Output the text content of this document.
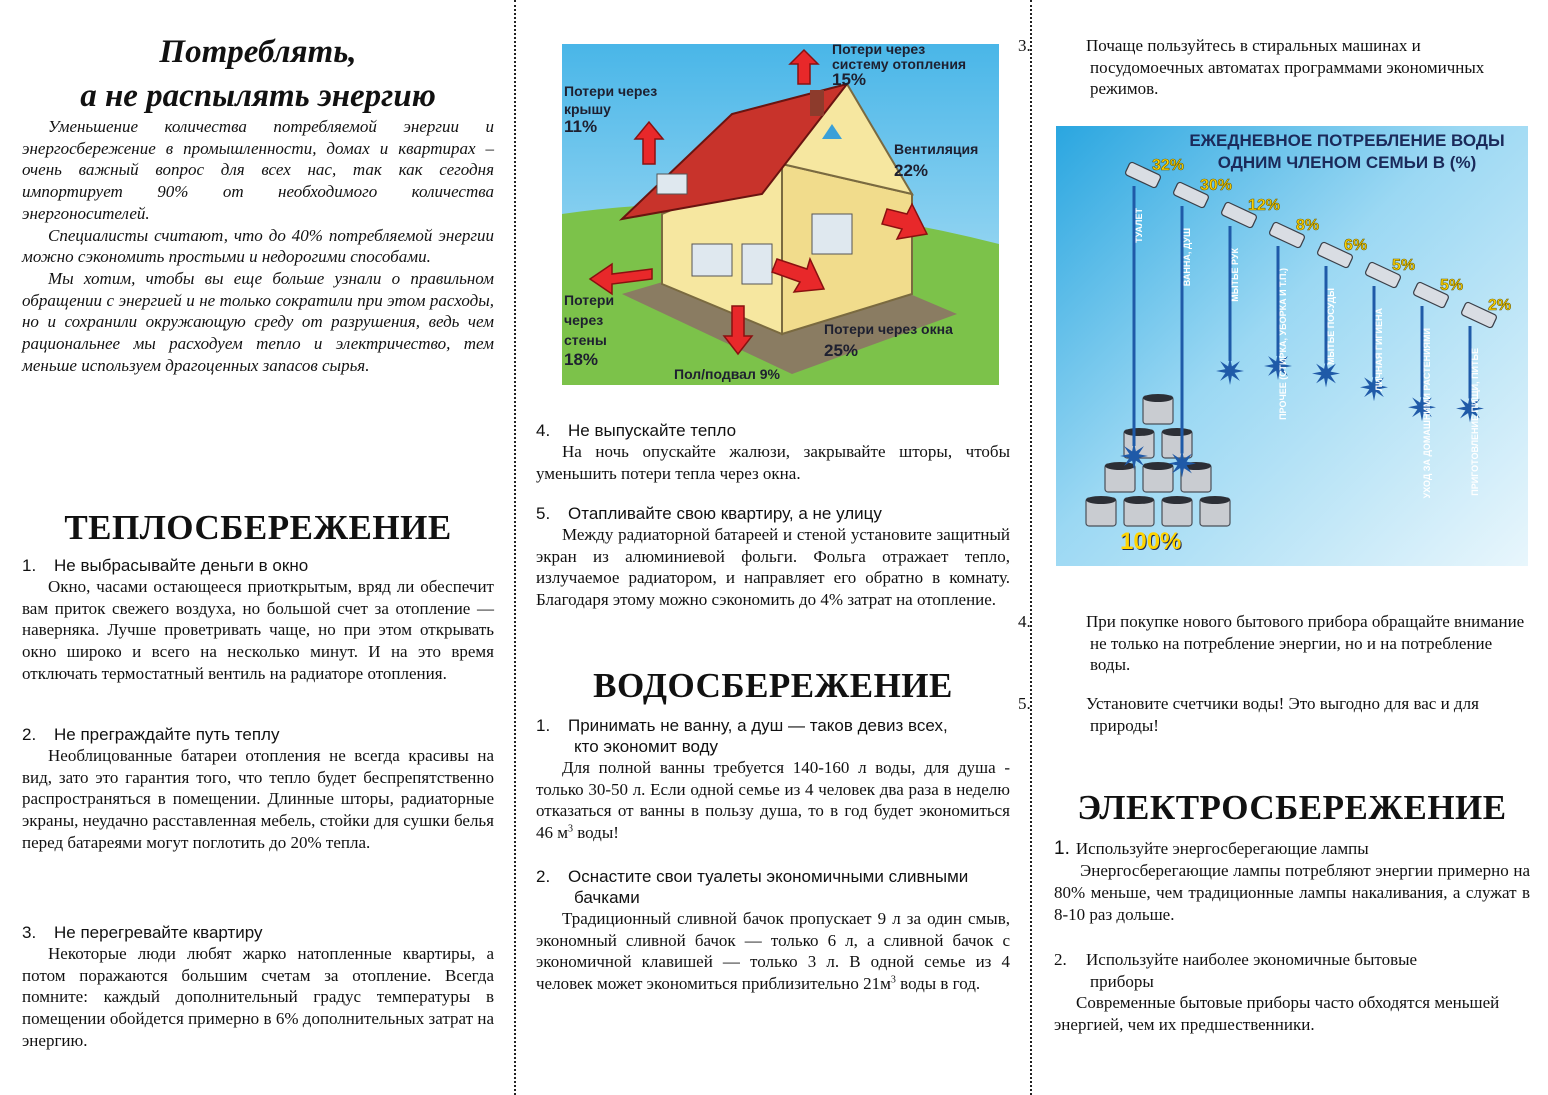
Потреблять,
а не распылять энергию

Уменьшение количества потребляемой энергии и энергосбережение в промышленности, домах и квартирах – очень важный вопрос для всех нас, так как сегодня импортирует 90% от необходимого количества энергоносителей.

Специалисты считают, что до 40% потребляемой энергии можно сэкономить простыми и недорогими способами.

Мы хотим, чтобы вы еще больше узнали о правильном обращении с энергией и не только сократили при этом расходы, но и сохранили окружающую среду от разрушения, ведь чем рациональнее мы расходуем тепло и электричество, тем меньше используем драгоценных запасов сырья.

ТЕПЛОСБЕРЕЖЕНИЕ
1. Не выбрасывайте деньги в окно

Окно, часами остающееся приоткрытым, вряд ли обеспечит вам приток свежего воздуха, но большой счет за отопление — наверняка. Лучше проветривать чаще, но при этом открывать окно широко и всего на несколько минут. И на это время отключать термостатный вентиль на радиаторе отопления.

2. Не преграждайте путь теплу

Необлицованные батареи отопления не всегда красивы на вид, зато это гарантия того, что тепло будет беспрепятственно распространяться в помещении. Длинные шторы, радиаторные экраны, неудачно расставленная мебель, стойки для сушки белья перед батареями могут поглотить до 20% тепла.

3. Не перегревайте квартиру

Некоторые люди любят жарко натопленные квартиры, а потом поражаются большим счетам за отопление. Всегда помните: каждый дополнительный градус температуры в помещении обойдется примерно в 6% дополнительных затрат на энергию.

Потери через
крышу
11%
Потери через
систему отопления
15%
Вентиляция
22%
Потери
через
стены
18%
Потери через окна
25%
Пол/подвал 9%
4. Не выпускайте тепло

На ночь опускайте жалюзи, закрывайте шторы, чтобы уменьшить потери тепла через окна.

5. Отапливайте свою квартиру, а не улицу

Между радиаторной батареей и стеной установите защитный экран из алюминиевой фольги. Фольга отражает тепло, излучаемое радиатором, и направляет его обратно в комнату. Благодаря этому можно сэкономить до 4% затрат на отопление.

ВОДОСБЕРЕЖЕНИЕ
1. Принимать не ванну, а душ — таков девиз всех,
кто экономит воду

Для полной ванны требуется 140-160 л воды, для душа - только 30-50 л. Если одной семье из 4 человек два раза в неделю отказаться от ванны в пользу душа, то в год будет экономиться 46 $м^3$ воды!

2. Оснастите свои туалеты экономичными сливными
бачками

Традиционный сливной бачок пропускает 9 л за один смыв, экономный сливной бачок — только 6 л, а сливной бачок с экономичной клавишей — только 3 л. В одной семье из 4 человек может экономиться приблизительно $21м^3$ воды в год.

3.	Почаще пользуйтесь в стиральных машинах и посудомоечных автоматах программами экономичных режимов.
ЕЖЕДНЕВНОЕ ПОТРЕБЛЕНИЕ ВОДЫ ОДНИМ ЧЛЕНОМ СЕМЬИ В (%)
32%
ТУАЛЕТ
30%
ВАННА, ДУШ
12%
МЫТЬЕ РУК
8%
ПРОЧЕЕ (СТИРКА, УБОРКА И Т.П.)
6%
МЫТЬЕ ПОСУДЫ
5%
ЛИЧНАЯ ГИГИЕНА
5%
УХОД ЗА ДОМАШНИМИ РАСТЕНИЯМИ
2%
ПРИГОТОВЛЕНИЕ ПИЩИ, ПИТЬЕ
100%
4.	При покупке нового бытового прибора обращайте внимание не только на потребление энергии, но и на потребление воды.
5.	Установите счетчики воды! Это выгодно для вас и для природы!
ЭЛЕКТРОСБЕРЕЖЕНИЕ
1. Используйте энергосберегающие лампы

Энергосберегающие лампы потребляют энергии примерно на 80% меньше, чем традиционные лампы накаливания, а служат в 8-10 раз дольше.

2. Используйте наиболее экономичные бытовые
приборы

Современные бытовые приборы часто обходятся меньшей энергией, чем их предшественники.
